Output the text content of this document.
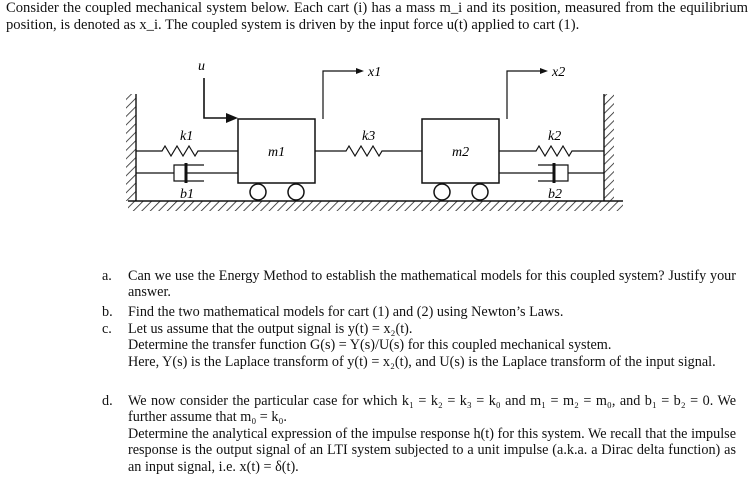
Consider the coupled mechanical system below. Each cart (i) has a mass m_i and its position, measured from the equilibrium position, is denoted as x_i. The coupled system is driven by the input force u(t) applied to cart (1).
u	x1	x2
k1	k3	k2
b1	b2
m1	m2
a. Can we use the Energy Method to establish the mathematical models for this coupled system? Justify your answer.

b. Find the two mathematical models for cart (1) and (2) using Newton’s Laws.

c. Let us assume that the output signal is y(t) = x₂(t).

Determine the transfer function G(s) = Y(s)/U(s) for this coupled mechanical system.

Here, Y(s) is the Laplace transform of y(t) = x₂(t), and U(s) is the Laplace transform of the input signal.

d. We now consider the particular case for which k₁ = k₂ = k₃ = k₀ and m₁ = m₂ = m₀, and b₁ = b₂ = 0. We further assume that m₀ = k₀.

Determine the analytical expression of the impulse response h(t) for this system. We recall that the impulse response is the output signal of an LTI system subjected to a unit impulse (a.k.a. a Dirac delta function) as an input signal, i.e. x(t) = δ(t).
